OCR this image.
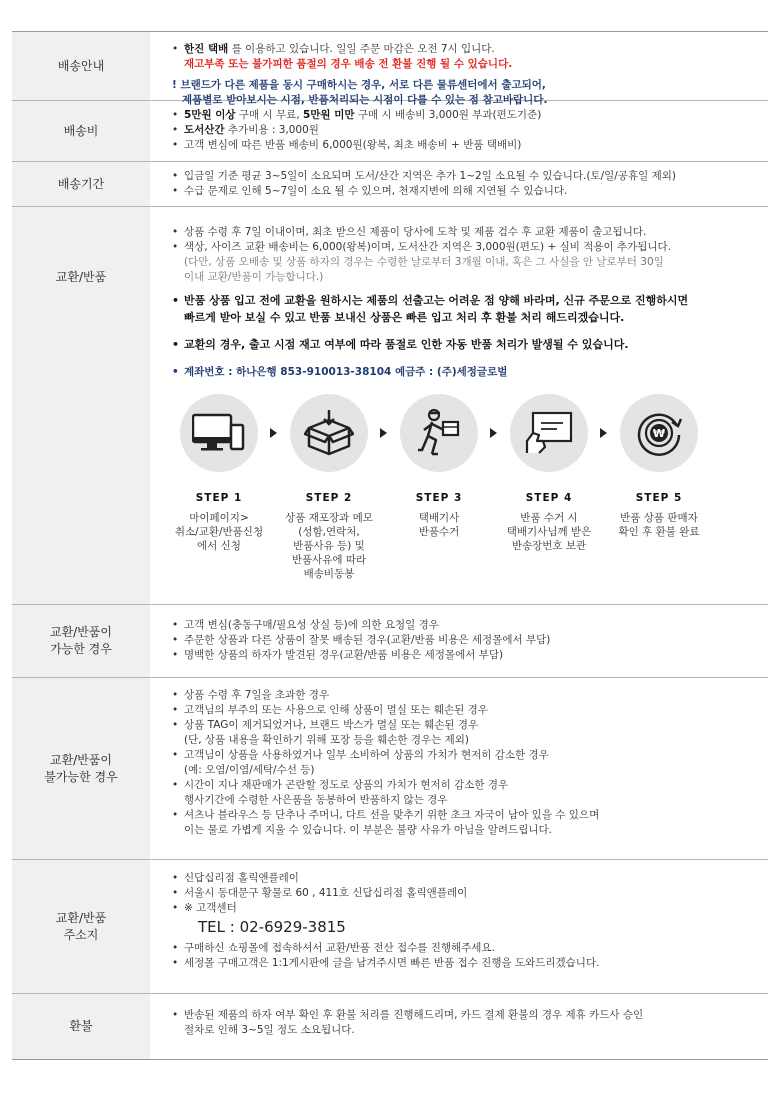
배송안내
• 한진 택배 를 이용하고 있습니다. 일일 주문 마감은 오전 7시 입니다.
재고부족 또는 불가피한 품절의 경우 배송 전 환불 진행 될 수 있습니다.
! 브랜드가 다른 제품을 동시 구매하시는 경우, 서로 다른 물류센터에서 출고되어,
제품별로 받아보시는 시점, 반품처리되는 시점이 다를 수 있는 점 참고바랍니다.
배송비
• 5만원 이상 구매 시 무료, 5만원 미만 구매 시 배송비 3,000원 부과(편도기준)
• 도서산간 추가비용 : 3,000원
• 고객 변심에 따른 반품 배송비 6,000원(왕복, 최초 배송비 + 반품 택배비)
배송기간
• 입금일 기준 평균 3~5일이 소요되며 도서/산간 지역은 추가 1~2일 소요될 수 있습니다.(토/일/공휴일 제외)
• 수급 문제로 인해 5~7일이 소요 될 수 있으며, 천재지변에 의해 지연될 수 있습니다.
교환/반품
• 상품 수령 후 7일 이내이며, 최초 받으신 제품이 당사에 도착 및 제품 검수 후 교환 제품이 출고됩니다.
• 색상, 사이즈 교환 배송비는 6,000(왕복)이며, 도서산간 지역은 3,000원(편도) + 실비 적용이 추가됩니다.
(다만, 상품 오배송 및 상품 하자의 경우는 수령한 날로부터 3개월 이내, 혹은 그 사실을 안 날로부터 30일
이내 교환/반품이 가능합니다.)
• 반품 상품 입고 전에 교환을 원하시는 제품의 선출고는 어려운 점 양해 바라며, 신규 주문으로 진행하시면
빠르게 받아 보실 수 있고 반품 보내신 상품은 빠른 입고 처리 후 환불 처리 해드리겠습니다.
• 교환의 경우, 출고 시점 재고 여부에 따라 품절로 인한 자동 반품 처리가 발생될 수 있습니다.
• 계좌번호 : 하나은행 853-910013-38104 예금주 : (주)세정글로벌
STEP 1
마이페이지>
취소/교환/반품신청
에서 신청
STEP 2
상품 재포장과 메모
(성함,연락처,
반품사유 등) 및
반품사유에 따라
배송비동봉
STEP 3
택배기사
반품수거
STEP 4
반품 수거 시
택배기사님께 받은
반송장번호 보관
₩
STEP 5
반품 상품 판매자
확인 후 환불 완료
교환/반품이
가능한 경우
• 고객 변심(충동구매/필요성 상실 등)에 의한 요청일 경우
• 주문한 상품과 다른 상품이 잘못 배송된 경우(교환/반품 비용은 세정몰에서 부담)
• 명백한 상품의 하자가 발견된 경우(교환/반품 비용은 세정몰에서 부담)
교환/반품이
불가능한 경우
• 상품 수령 후 7일을 초과한 경우
• 고객님의 부주의 또는 사용으로 인해 상품이 멸실 또는 훼손된 경우
• 상품 TAG이 제거되었거나, 브랜드 박스가 멸실 또는 훼손된 경우
(단, 상품 내용을 확인하기 위해 포장 등을 훼손한 경우는 제외)
• 고객님이 상품을 사용하였거나 일부 소비하여 상품의 가치가 현저히 감소한 경우
(예: 오염/이염/세탁/수선 등)
• 시간이 지나 재판매가 곤란할 정도로 상품의 가치가 현저히 감소한 경우
행사기간에 수령한 사은품을 동봉하여 반품하지 않는 경우
• 셔츠나 블라우스 등 단추나 주머니, 다트 선을 맞추기 위한 초크 자국이 남아 있을 수 있으며
이는 물로 가볍게 지울 수 있습니다. 이 부분은 불량 사유가 아님을 알려드립니다.
교환/반품
주소지
• 신답십리점 홀릭앤플레이
• 서울시 동대문구 황물로 60 , 411호 신답십리점 홀릭앤플레이
• ※ 고객센터
TEL : 02-6929-3815
• 구매하신 쇼핑몰에 접속하셔서 교환/반품 전산 접수를 진행해주세요.
• 세정몰 구매고객은 1:1게시판에 글을 남겨주시면 빠른 반품 접수 진행을 도와드리겠습니다.
환불
• 반송된 제품의 하자 여부 확인 후 환불 처리를 진행해드리며, 카드 결제 환불의 경우 제휴 카드사 승인
절차로 인해 3~5일 정도 소요됩니다.
